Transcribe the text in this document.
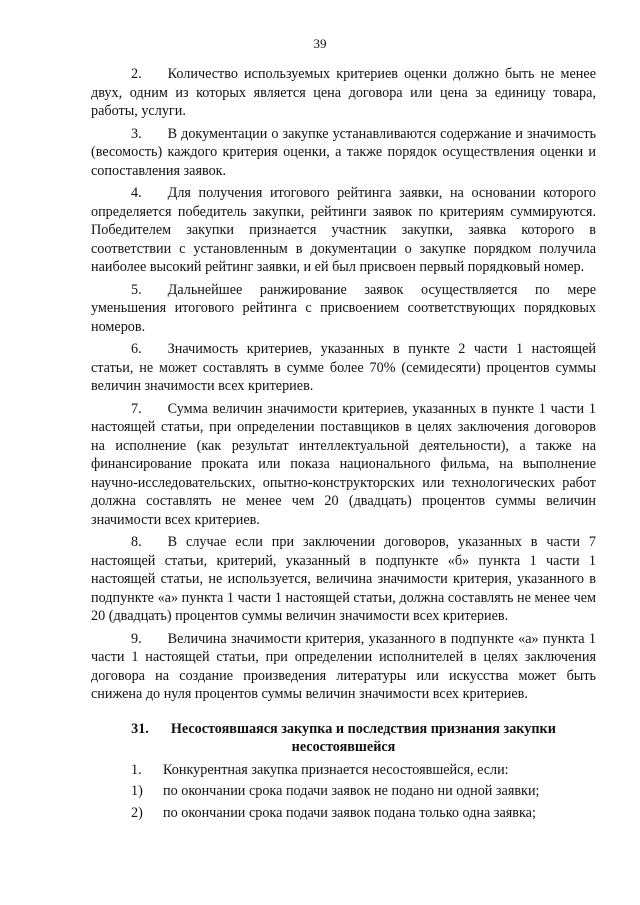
39

2. Количество используемых критериев оценки должно быть не менее двух, одним из которых является цена договора или цена за единицу товара, работы, услуги.

3. В документации о закупке устанавливаются содержание и значимость (весомость) каждого критерия оценки, а также порядок осуществления оценки и сопоставления заявок.

4. Для получения итогового рейтинга заявки, на основании которого определяется победитель закупки, рейтинги заявок по критериям суммируются. Победителем закупки признается участник закупки, заявка которого в соответствии с установленным в документации о закупке порядком получила наиболее высокий рейтинг заявки, и ей был присвоен первый порядковый номер.

5. Дальнейшее ранжирование заявок осуществляется по мере уменьшения итогового рейтинга с присвоением соответствующих порядковых номеров.

6. Значимость критериев, указанных в пункте 2 части 1 настоящей статьи, не может составлять в сумме более 70% (семидесяти) процентов суммы величин значимости всех критериев.

7. Сумма величин значимости критериев, указанных в пункте 1 части 1 настоящей статьи, при определении поставщиков в целях заключения договоров на исполнение (как результат интеллектуальной деятельности), а также на финансирование проката или показа национального фильма, на выполнение научно-исследовательских, опытно-конструкторских или технологических работ должна составлять не менее чем 20 (двадцать) процентов суммы величин значимости всех критериев.

8. В случае если при заключении договоров, указанных в части 7 настоящей статьи, критерий, указанный в подпункте «б» пункта 1 части 1 настоящей статьи, не используется, величина значимости критерия, указанного в подпункте «а» пункта 1 части 1 настоящей статьи, должна составлять не менее чем 20 (двадцать) процентов суммы величин значимости всех критериев.

9. Величина значимости критерия, указанного в подпункте «а» пункта 1 части 1 настоящей статьи, при определении исполнителей в целях заключения договора на создание произведения литературы или искусства может быть снижена до нуля процентов суммы величин значимости всех критериев.

31. Несостоявшаяся закупка и последствия признания закупки несостоявшейся
1.	Конкурентная закупка признается несостоявшейся, если:
1)	по окончании срока подачи заявок не подано ни одной заявки;
2)	по окончании срока подачи заявок подана только одна заявка;
